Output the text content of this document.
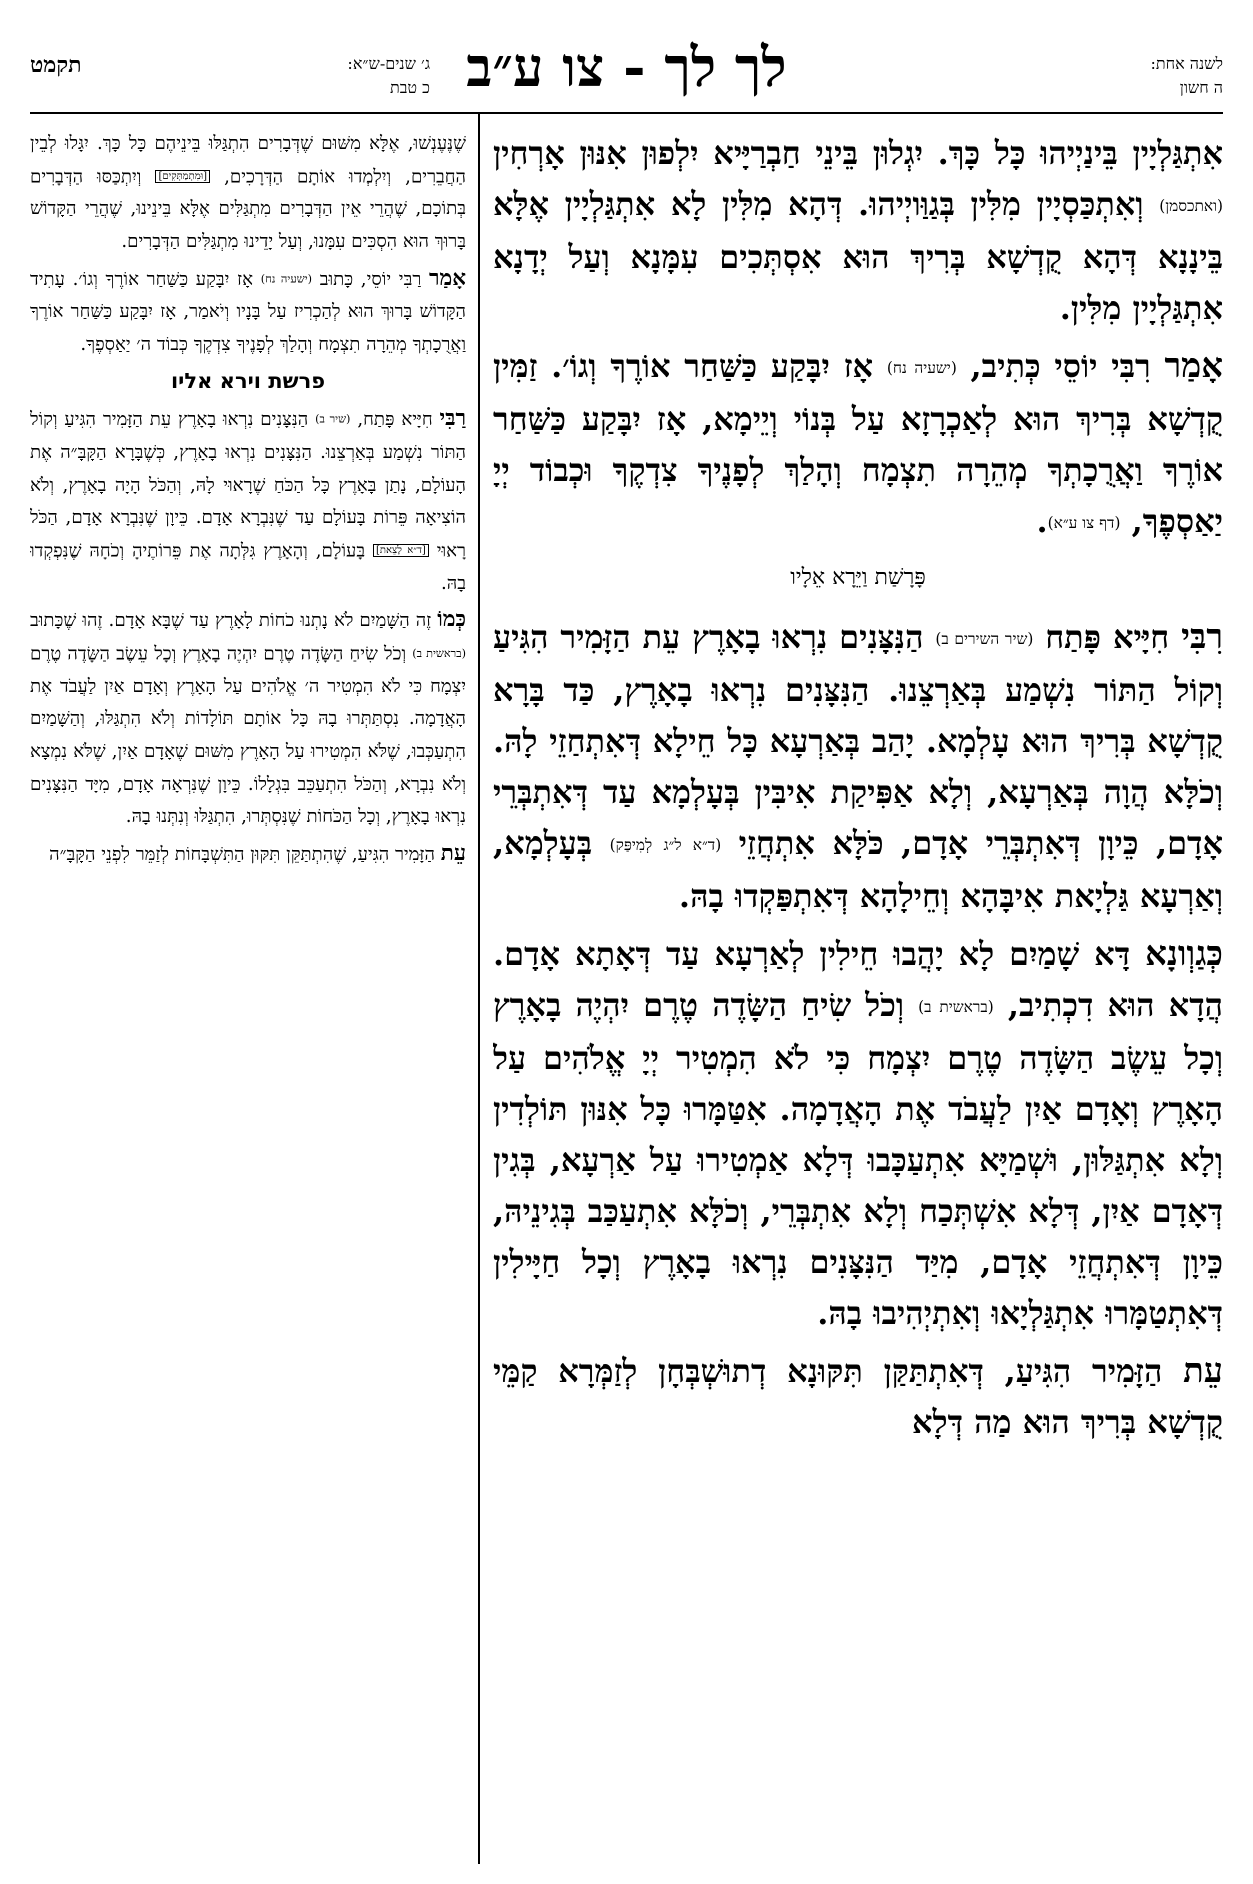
לשנה אחת:
ה חשון
לך לך - צו ע״ב
ג׳ שנים-ש״א:
כ טבת
תקמט

אִתְגַּלְיָין בֵּינַיְיהוּ כָּל כָּךְ. יִגְלוּן בֵּינֵי חַבְרַיָּיא יִלְפוּן אִנּוּן אָרְחִין (ואתכסמן) וְאִתְכַּסְיָין מִלִּין בְּגַוַּויְיהוּ. דְּהָא מִלִּין לָא אִתְגַּלְיָין אֶלָּא בֵּינָנָא דְּהָא קֻדְשָׁא בְּרִיךְ הוּא אִסְתְּכִים עִמָּנָא וְעַל יְדָנָא אִתְגַּלְיָין מִלִּין.

אָמַר רִבִּי יוֹסֵי כְּתִיב, (ישעיה נח) אָז יִבָּקַע כַּשַּׁחַר אוֹרֶךָ וְגוֹ׳. זַמִּין קֻדְשָׁא בְּרִיךְ הוּא לְאַכְרָזָא עַל בְּנוֹי וְיֵימָא, אָז יִבָּקַע כַּשַּׁחַר אוֹרֶךָ וַאֲרֻכָתְךָ מְהֵרָה תִצְמָח וְהָלַךְ לְפָנֶיךָ צִדְקֶךָ וּכְבוֹד יְיָ יַאַסְפֶךָ, (דף צו ע״א).

פָּרָשַׁת וַיֵּרָא אֵלָיו

רִבִּי חִיָּיא פָּתַח (שיר השירים ב) הַנִּצָּנִים נִרְאוּ בָאָרֶץ עֵת הַזָּמִיר הִגִּיעַ וְקוֹל הַתּוֹר נִשְׁמַע בְּאַרְצֵנוּ. הַנִּצָּנִים נִרְאוּ בָאָרֶץ, כַּד בָּרָא קֻדְשָׁא בְּרִיךְ הוּא עָלְמָא. יָהַב בְּאַרְעָא כָּל חֵילָא דְּאִתְחַזֵי לָהּ. וְכֹלָּא הֲוָה בְּאַרְעָא, וְלָא אַפִּיקַת אִיבִּין בְּעָלְמָא עַד דְּאִתְבְּרֵי אָדָם, כֵּיוָן דְּאִתְבְּרֵי אָדָם, כֹּלָּא אִתְחֲזֵי (ד״א ל״ג לְמִיפַּק) בְּעָלְמָא, וְאַרְעָא גַּלְיָאת אִיבָּהָא וְחֵילָהָא דְּאִתְפַּקְדוּ בָהּ.

כְּגַוְונָא דָּא שָׁמַיִם לָא יָהֲבוּ חֵילִין לְאַרְעָא עַד דְּאָתָא אָדָם. הֲדָא הוּא דִכְתִיב, (בראשית ב) וְכֹל שִׂיחַ הַשָּׂדֶה טֶרֶם יִהְיֶה בָאָרֶץ וְכָל עֵשֶׂב הַשָּׂדֶה טֶרֶם יִצְמָח כִּי לֹא הִמְטִיר יְיָ אֱלֹהִים עַל הָאָרֶץ וְאָדָם אַיִן לַעֲבֹד אֶת הָאֲדָמָה. אִטַּמָּרוּ כָּל אִנּוּן תּוֹלְדִין וְלָא אִתְגַּלּוּן, וּשְׁמַיָּא אִתְעַכָּבוּ דְּלָא אַמְטִירוּ עַל אַרְעָא, בְּגִין דְּאָדָם אַיִן, דְּלָא אִשְׁתְּכַח וְלָא אִתְבְּרֵי, וְכֹלָּא אִתְעַכַּב בְּגִינֵיהּ, כֵּיוָן דְּאִתְחֲזֵי אָדָם, מִיַּד הַנִּצָּנִים נִרְאוּ בָאָרֶץ וְכָל חַיָּילִין דְּאִתְטַמָּרוּ אִתְגַּלְיָאוּ וְאִתְיְהִיבוּ בָהּ.

עֵת הַזָּמִיר הִגִּיעַ, דְּאִתְתַּקַּן תִּקּוּנָא דְתוּשְׁבְּחָן לְזַמְּרָא קַמֵּי קֻדְשָׁא בְּרִיךְ הוּא מַה דְּלָא

שֶׁנֶּעֶנְשׁוּ, אֶלָּא מִשּׁוּם שֶׁדְּבָרִים הִתְגַּלּוּ בֵּינֵיהֶם כָּל כָּךְ. יִגָּלוּ לְבֵין הַחֲבֵרִים, וְיִלְמְדוּ אוֹתָם הַדְּרָכִים, [וּמִתְמַתְּקִים] וְיִתְכַּסּוּ הַדְּבָרִים בְּתוֹכָם, שֶׁהֲרֵי אֵין הַדְּבָרִים מִתְגַּלִּים אֶלָּא בֵּינֵינוּ, שֶׁהֲרֵי הַקָּדוֹשׁ בָּרוּךְ הוּא הִסְכִּים עִמָּנוּ, וְעַל יָדֵינוּ מִתְגַּלִּים הַדְּבָרִים.

אָמַר רַבִּי יוֹסֵי, כָּתוּב (ישעיה נח) אָז יִבָּקַע כַּשַּׁחַר אוֹרֶךָ וְגוֹ׳. עָתִיד הַקָּדוֹשׁ בָּרוּךְ הוּא לְהַכְרִיז עַל בָּנָיו וְיֹאמַר, אָז יִבָּקַע כַּשַּׁחַר אוֹרֶךָ וַאֲרֻכָתְךָ מְהֵרָה תִצְמָח וְהָלַךְ לְפָנֶיךָ צִדְקֶךָ כְּבוֹד ה׳ יַאַסְפֶךָ.

פרשת וירא אליו

רַבִּי חִיָּיא פָּתַח, (שיר ב) הַנִּצָּנִים נִרְאוּ בָאָרֶץ עֵת הַזָּמִיר הִגִּיעַ וְקוֹל הַתּוֹר נִשְׁמַע בְּאַרְצֵנוּ. הַנִּצָּנִים נִרְאוּ בָאָרֶץ, כְּשֶׁבָּרָא הַקָּבָּ״ה אֶת הָעוֹלָם, נָתַן בָּאָרֶץ כָּל הַכֹּחַ שֶׁרָאוּי לָהּ, וְהַכֹּל הָיָה בָאָרֶץ, וְלֹא הוֹצִיאָה פֵּרוֹת בָּעוֹלָם עַד שֶׁנִּבְרָא אָדָם. כֵּיוָן שֶׁנִּבְרָא אָדָם, הַכֹּל רָאוּי [ד״א לָצֵאת] בָּעוֹלָם, וְהָאָרֶץ גִּלְּתָה אֶת פֵּרוֹתֶיהָ וְכֹחָהּ שֶׁנִּפְקְדוּ בָהּ.

כְּמוֹ זֶה הַשָּׁמַיִם לֹא נָתְנוּ כֹחוֹת לָאָרֶץ עַד שֶׁבָּא אָדָם. זֶהוּ שֶׁכָּתוּב (בראשית ב) וְכֹל שִׂיחַ הַשָּׂדֶה טֶרֶם יִהְיֶה בָאָרֶץ וְכָל עֵשֶׂב הַשָּׂדֶה טֶרֶם יִצְמָח כִּי לֹא הִמְטִיר ה׳ אֱלֹהִים עַל הָאָרֶץ וְאָדָם אַיִן לַעֲבֹד אֶת הָאֲדָמָה. נִסְתַּתְּרוּ בָהּ כָּל אוֹתָם תּוֹלָדוֹת וְלֹא הִתְגַּלּוּ, וְהַשָּׁמַיִם הִתְעַכְּבוּ, שֶׁלֹּא הִמְטִירוּ עַל הָאָרֶץ מִשּׁוּם שֶׁאָדָם אַיִן, שֶׁלֹּא נִמְצָא וְלֹא נִבְרָא, וְהַכֹּל הִתְעַכֵּב בִּגְלָלוֹ. כֵּיוָן שֶׁנִּרְאָה אָדָם, מִיָּד הַנִּצָּנִים נִרְאוּ בָאָרֶץ, וְכָל הַכֹּחוֹת שֶׁנִּסְתְּרוּ, הִתְגַּלּוּ וְנִתְּנוּ בָהּ.

עֵת הַזָּמִיר הִגִּיעַ, שֶׁהִתְתַּקֵּן תִּקּוּן הַתִּשְׁבָּחוֹת לְזַמֵּר לִפְנֵי הַקָּבָּ״ה
